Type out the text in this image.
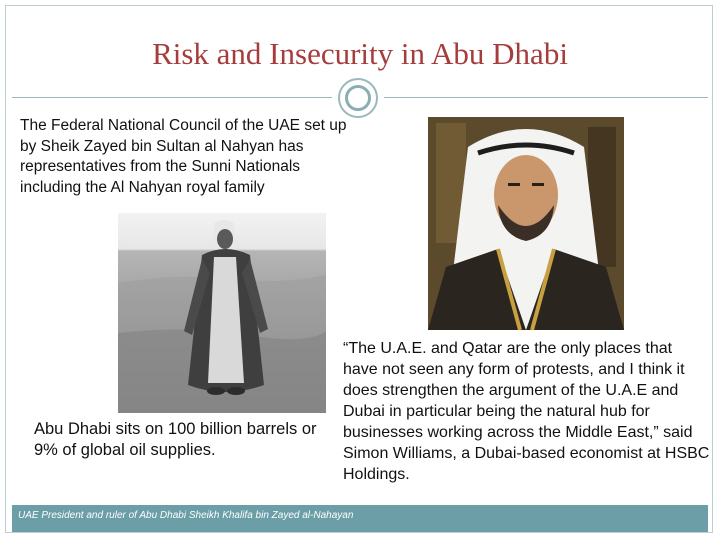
Risk and Insecurity in Abu Dhabi
The Federal National Council of the UAE set up by Sheik Zayed bin Sultan al Nahyan has representatives from the Sunni Nationals including the Al Nahyan royal family
Abu Dhabi sits on 100 billion barrels or 9% of global oil supplies.
“The U.A.E. and Qatar are the only places that have not seen any form of protests, and I think it does strengthen the argument of the U.A.E and Dubai in particular being the natural hub for businesses working across the Middle East,” said Simon Williams, a Dubai-based economist at HSBC Holdings.
UAE President and ruler of Abu Dhabi Sheikh Khalifa bin Zayed al-Nahayan
